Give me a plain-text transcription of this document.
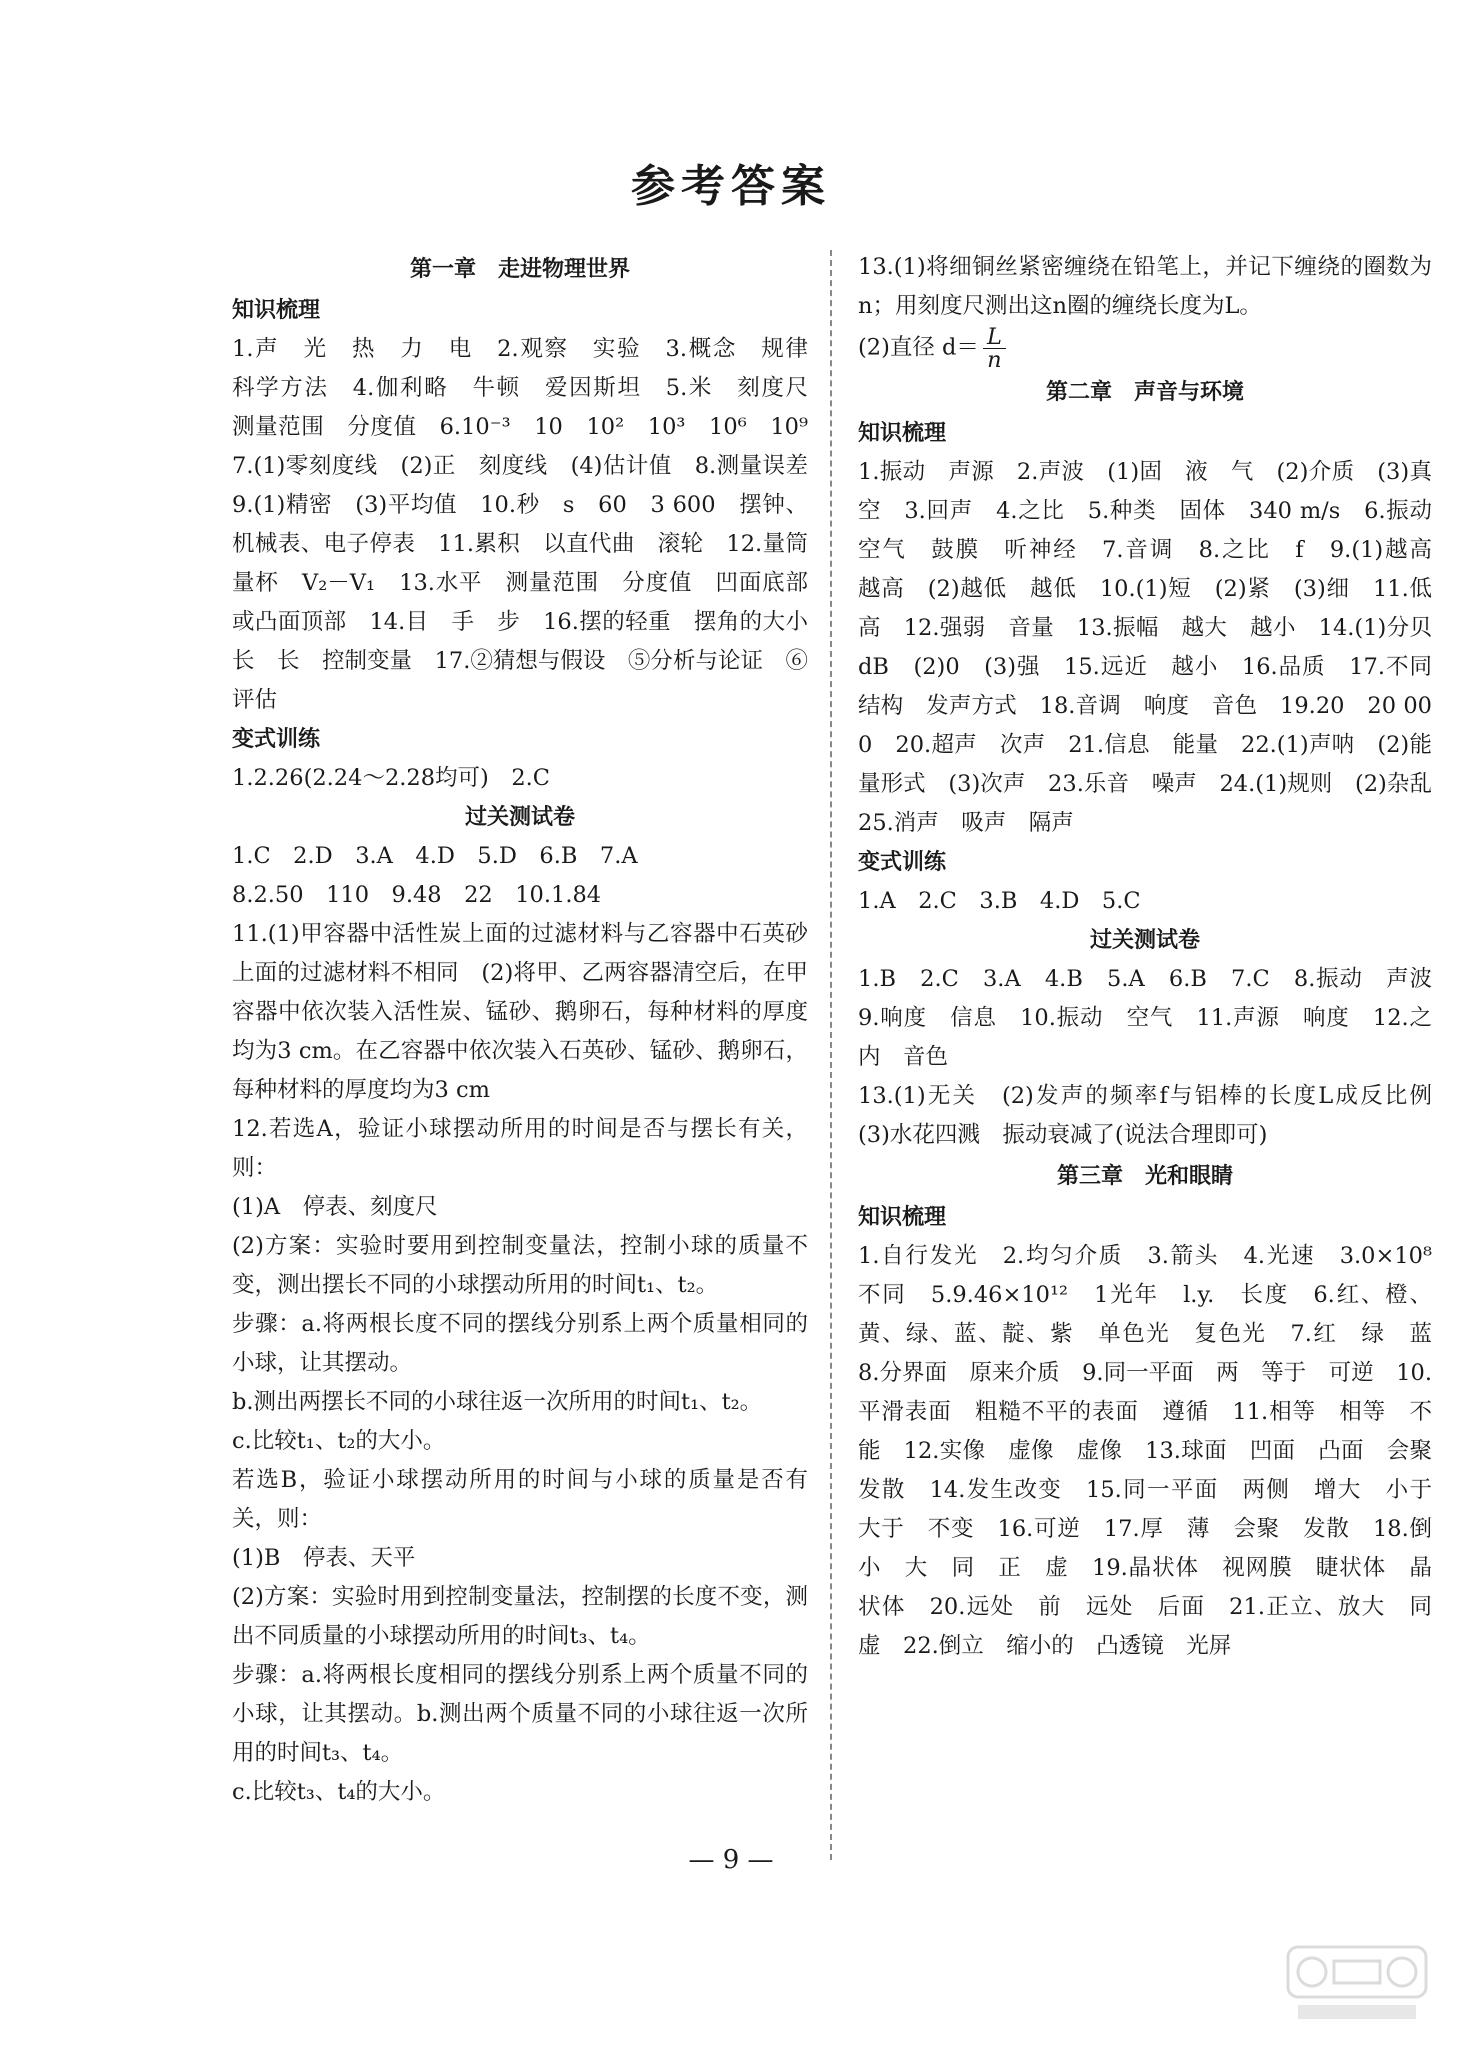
参考答案
第一章　走进物理世界
知识梳理

1.声　光　热　力　电　2.观察　实验　3.概念　规律　科学方法　4.伽利略　牛顿　爱因斯坦　5.米　刻度尺　测量范围　分度值　6.10⁻³　10　10²　10³　10⁶　10⁹　7.(1)零刻度线　(2)正　刻度线　(4)估计值　8.测量误差　9.(1)精密　(3)平均值　10.秒　s　60　3 600　摆钟、机械表、电子停表　11.累积　以直代曲　滚轮　12.量筒　量杯　V₂－V₁　13.水平　测量范围　分度值　凹面底部或凸面顶部　14.目　手　步　16.摆的轻重　摆角的大小　长　长　控制变量　17.②猜想与假设　⑤分析与论证　⑥评估

变式训练

1.2.26(2.24～2.28均可)　2.C

过关测试卷

1.C　2.D　3.A　4.D　5.D　6.B　7.A

8.2.50　110　9.48　22　10.1.84

11.(1)甲容器中活性炭上面的过滤材料与乙容器中石英砂上面的过滤材料不相同　(2)将甲、乙两容器清空后，在甲容器中依次装入活性炭、锰砂、鹅卵石，每种材料的厚度均为3 cm。在乙容器中依次装入石英砂、锰砂、鹅卵石，每种材料的厚度均为3 cm

12.若选A，验证小球摆动所用的时间是否与摆长有关，则：

(1)A　停表、刻度尺

(2)方案：实验时要用到控制变量法，控制小球的质量不变，测出摆长不同的小球摆动所用的时间t₁、t₂。

步骤：a.将两根长度不同的摆线分别系上两个质量相同的小球，让其摆动。

b.测出两摆长不同的小球往返一次所用的时间t₁、t₂。

c.比较t₁、t₂的大小。

若选B，验证小球摆动所用的时间与小球的质量是否有关，则：

(1)B　停表、天平

(2)方案：实验时用到控制变量法，控制摆的长度不变，测出不同质量的小球摆动所用的时间t₃、t₄。

步骤：a.将两根长度相同的摆线分别系上两个质量不同的小球，让其摆动。b.测出两个质量不同的小球往返一次所用的时间t₃、t₄。

c.比较t₃、t₄的大小。

13.(1)将细铜丝紧密缠绕在铅笔上，并记下缠绕的圈数为n；用刻度尺测出这n圈的缠绕长度为L。

(2)直径 $d= \frac{L}{n}$

第二章　声音与环境
知识梳理

1.振动　声源　2.声波　(1)固　液　气　(2)介质　(3)真空　3.回声　4.之比　5.种类　固体　340 m/s　6.振动　空气　鼓膜　听神经　7.音调　8.之比　f　9.(1)越高　越高　(2)越低　越低　10.(1)短　(2)紧　(3)细　11.低　高　12.强弱　音量　13.振幅　越大　越小　14.(1)分贝　dB　(2)0　(3)强　15.远近　越小　16.品质　17.不同结构　发声方式　18.音调　响度　音色　19.20　20 000　20.超声　次声　21.信息　能量　22.(1)声呐　(2)能量形式　(3)次声　23.乐音　噪声　24.(1)规则　(2)杂乱　25.消声　吸声　隔声

变式训练

1.A　2.C　3.B　4.D　5.C

过关测试卷

1.B　2.C　3.A　4.B　5.A　6.B　7.C　8.振动　声波　9.响度　信息　10.振动　空气　11.声源　响度　12.之内　音色

13.(1)无关　(2)发声的频率f与铝棒的长度L成反比例　(3)水花四溅　振动衰减了(说法合理即可)

第三章　光和眼睛
知识梳理

1.自行发光　2.均匀介质　3.箭头　4.光速　3.0×10⁸　不同　5.9.46×10¹²　1光年　l.y.　长度　6.红、橙、黄、绿、蓝、靛、紫　单色光　复色光　7.红　绿　蓝　8.分界面　原来介质　9.同一平面　两　等于　可逆　10.平滑表面　粗糙不平的表面　遵循　11.相等　相等　不能　12.实像　虚像　虚像　13.球面　凹面　凸面　会聚　发散　14.发生改变　15.同一平面　两侧　增大　小于　大于　不变　16.可逆　17.厚　薄　会聚　发散　18.倒　小　大　同　正　虚　19.晶状体　视网膜　睫状体　晶状体　20.远处　前　远处　后面　21.正立、放大　同　虚　22.倒立　缩小的　凸透镜　光屏

— 9 —
